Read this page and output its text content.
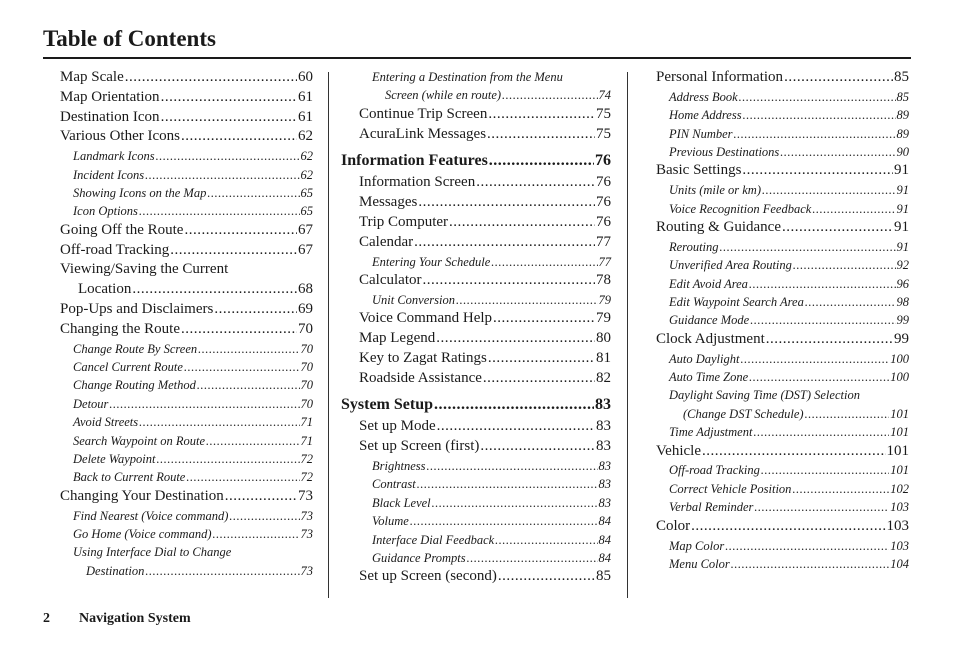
Table of Contents
Map Scale .....	60
Map Orientation .....	61
Destination Icon .....	61
Various Other Icons .....	62
Landmark Icons .....	62
Incident Icons .....	62
Showing Icons on the Map .....	65
Icon Options .....	65
Going Off the Route .....	67
Off-road Tracking .....	67
Viewing/Saving the Current
Location .....	68
Pop-Ups and Disclaimers .....	69
Changing the Route .....	70
Change Route By Screen .....	70
Cancel Current Route .....	70
Change Routing Method .....	70
Detour .....	70
Avoid Streets .....	71
Search Waypoint on Route .....	71
Delete Waypoint .....	72
Back to Current Route .....	72
Changing Your Destination .....	73
Find Nearest (Voice command) .....	73
Go Home (Voice command) .....	73
Using Interface Dial to Change
Destination .....	73
Entering a Destination from the Menu
Screen (while en route) .....	74
Continue Trip Screen .....	75
AcuraLink Messages .....	75
Information Features .....	76
Information Screen .....	76
Messages .....	76
Trip Computer .....	76
Calendar .....	77
Entering Your Schedule .....	77
Calculator .....	78
Unit Conversion .....	79
Voice Command Help .....	79
Map Legend .....	80
Key to Zagat Ratings .....	81
Roadside Assistance .....	82
System Setup .....	83
Set up Mode .....	83
Set up Screen (first) .....	83
Brightness .....	83
Contrast .....	83
Black Level .....	83
Volume .....	84
Interface Dial Feedback .....	84
Guidance Prompts .....	84
Set up Screen (second) .....	85
Personal Information .....	85
Address Book .....	85
Home Address .....	89
PIN Number .....	89
Previous Destinations .....	90
Basic Settings .....	91
Units (mile or km) .....	91
Voice Recognition Feedback .....	91
Routing & Guidance .....	91
Rerouting .....	91
Unverified Area Routing .....	92
Edit Avoid Area .....	96
Edit Waypoint Search Area .....	98
Guidance Mode .....	99
Clock Adjustment .....	99
Auto Daylight .....	100
Auto Time Zone .....	100
Daylight Saving Time (DST) Selection
(Change DST Schedule) .....	101
Time Adjustment .....	101
Vehicle .....	101
Off-road Tracking .....	101
Correct Vehicle Position .....	102
Verbal Reminder .....	103
Color .....	103
Map Color .....	103
Menu Color .....	104
2 Navigation System
